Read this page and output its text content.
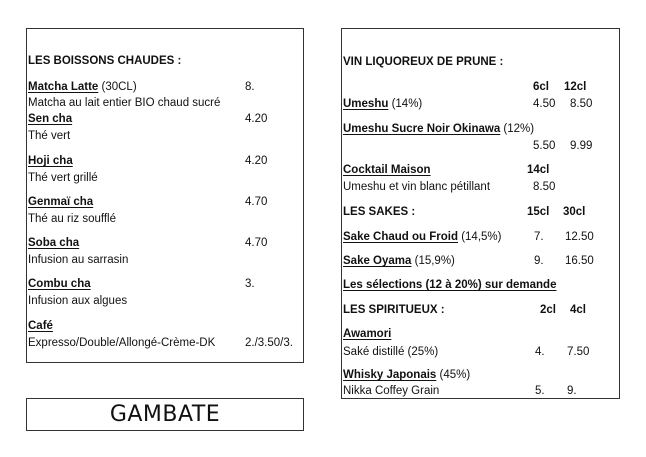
LES BOISSONS CHAUDES :
Matcha Latte (30CL)	8.
Matcha au lait entier BIO chaud sucré
Sen cha	4.20
Thé vert
Hoji cha	4.20
Thé vert grillé
Genmaï cha	4.70
Thé au riz soufflé
Soba cha	4.70
Infusion au sarrasin
Combu cha	3.
Infusion aux algues
Café
Expresso/Double/Allongé-Crème-DK	2./3.50/3.
GAMBATE
VIN LIQUOREUX DE PRUNE :
6cl 12cl
Umeshu (14%)	4.50 8.50
Umeshu Sucre Noir Okinawa (12%)
5.50 9.99
Cocktail Maison	14cl
Umeshu et vin blanc pétillant	8.50
LES SAKES :	15cl 30cl
Sake Chaud ou Froid (14,5%)	7. 12.50
Sake Oyama (15,9%)	9. 16.50
Les sélections (12 à 20%) sur demande
LES SPIRITUEUX :	2cl 4cl
Awamori
Saké distillé (25%)	4. 7.50
Whisky Japonais (45%)
Nikka Coffey Grain	5. 9.
